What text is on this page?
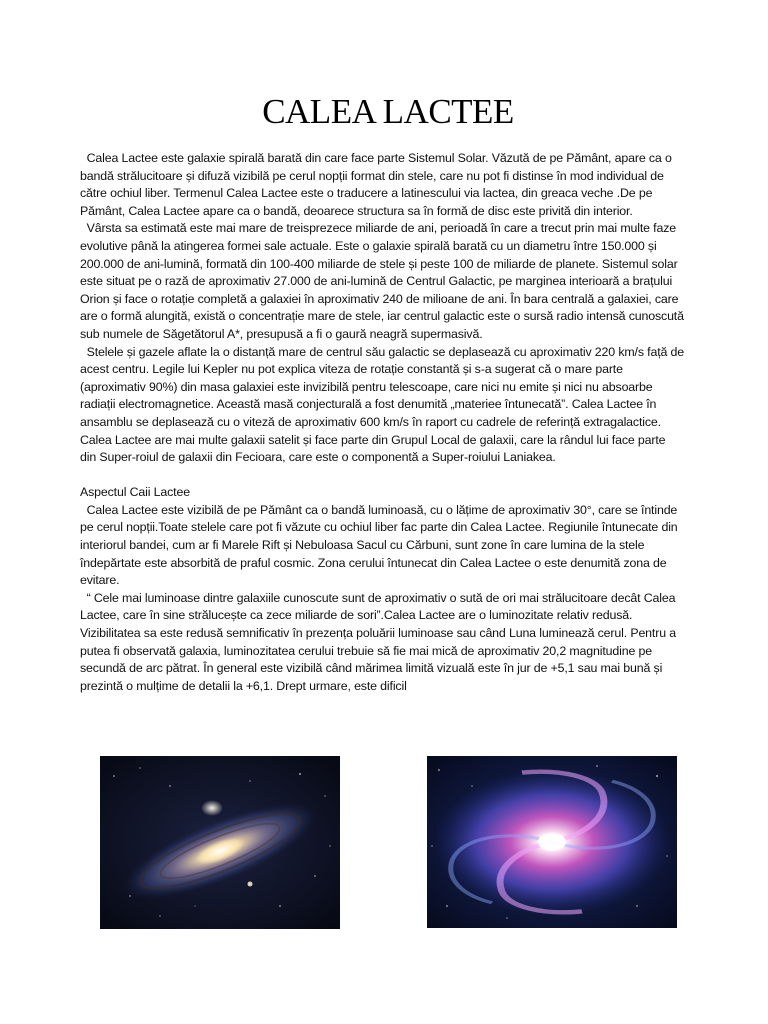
CALEA LACTEE

Calea Lactee este galaxie spirală barată din care face parte Sistemul Solar. Văzută de pe Pământ, apare ca o bandă strălucitoare și difuză vizibilă pe cerul nopții format din stele, care nu pot fi distinse în mod individual de către ochiul liber. Termenul Calea Lactee este o traducere a latinescului via lactea, din greaca veche .De pe Pământ, Calea Lactee apare ca o bandă, deoarece structura sa în formă de disc este privită din interior.

Vârsta sa estimată este mai mare de treisprezece miliarde de ani, perioadă în care a trecut prin mai multe faze evolutive până la atingerea formei sale actuale. Este o galaxie spirală barată cu un diametru între 150.000 și 200.000 de ani-lumină, formată din 100-400 miliarde de stele și peste 100 de miliarde de planete. Sistemul solar este situat pe o rază de aproximativ 27.000 de ani-lumină de Centrul Galactic, pe marginea interioară a brațului Orion și face o rotație completă a galaxiei în aproximativ 240 de milioane de ani. În bara centrală a galaxiei, care are o formă alungită, există o concentrație mare de stele, iar centrul galactic este o sursă radio intensă cunoscută sub numele de Săgetătorul A*, presupusă a fi o gaură neagră supermasivă.

Stelele și gazele aflate la o distanță mare de centrul său galactic se deplasează cu aproximativ 220 km/s față de acest centru. Legile lui Kepler nu pot explica viteza de rotație constantă și s-a sugerat că o mare parte (aproximativ 90%) din masa galaxiei este invizibilă pentru telescoape, care nici nu emite și nici nu absoarbe radiații electromagnetice. Această masă conjecturală a fost denumită „materiee întunecată”. Calea Lactee în ansamblu se deplasează cu o viteză de aproximativ 600 km/s în raport cu cadrele de referință extragalactice.

Calea Lactee are mai multe galaxii satelit și face parte din Grupul Local de galaxii, care la rândul lui face parte din Super-roiul de galaxii din Fecioara, care este o componentă a Super-roiului Laniakea.

Aspectul Caii Lactee

Calea Lactee este vizibilă de pe Pământ ca o bandă luminoasă, cu o lățime de aproximativ 30°, care se întinde pe cerul nopții.Toate stelele care pot fi văzute cu ochiul liber fac parte din Calea Lactee. Regiunile întunecate din interiorul bandei, cum ar fi Marele Rift și Nebuloasa Sacul cu Cărbuni, sunt zone în care lumina de la stele îndepărtate este absorbită de praful cosmic. Zona cerului întunecat din Calea Lactee o este denumită zona de evitare.

“ Cele mai luminoase dintre galaxiile cunoscute sunt de aproximativ o sută de ori mai strălucitoare decât Calea Lactee, care în sine strălucește ca zece miliarde de sori”.Calea Lactee are o luminozitate relativ redusă. Vizibilitatea sa este redusă semnificativ în prezența poluării luminoase sau când Luna luminează cerul. Pentru a putea fi observată galaxia, luminozitatea cerului trebuie să fie mai mică de aproximativ 20,2 magnitudine pe secundă de arc pătrat. În general este vizibilă când mărimea limită vizuală este în jur de +5,1 sau mai bună și prezintă o mulțime de detalii la +6,1. Drept urmare, este dificil
